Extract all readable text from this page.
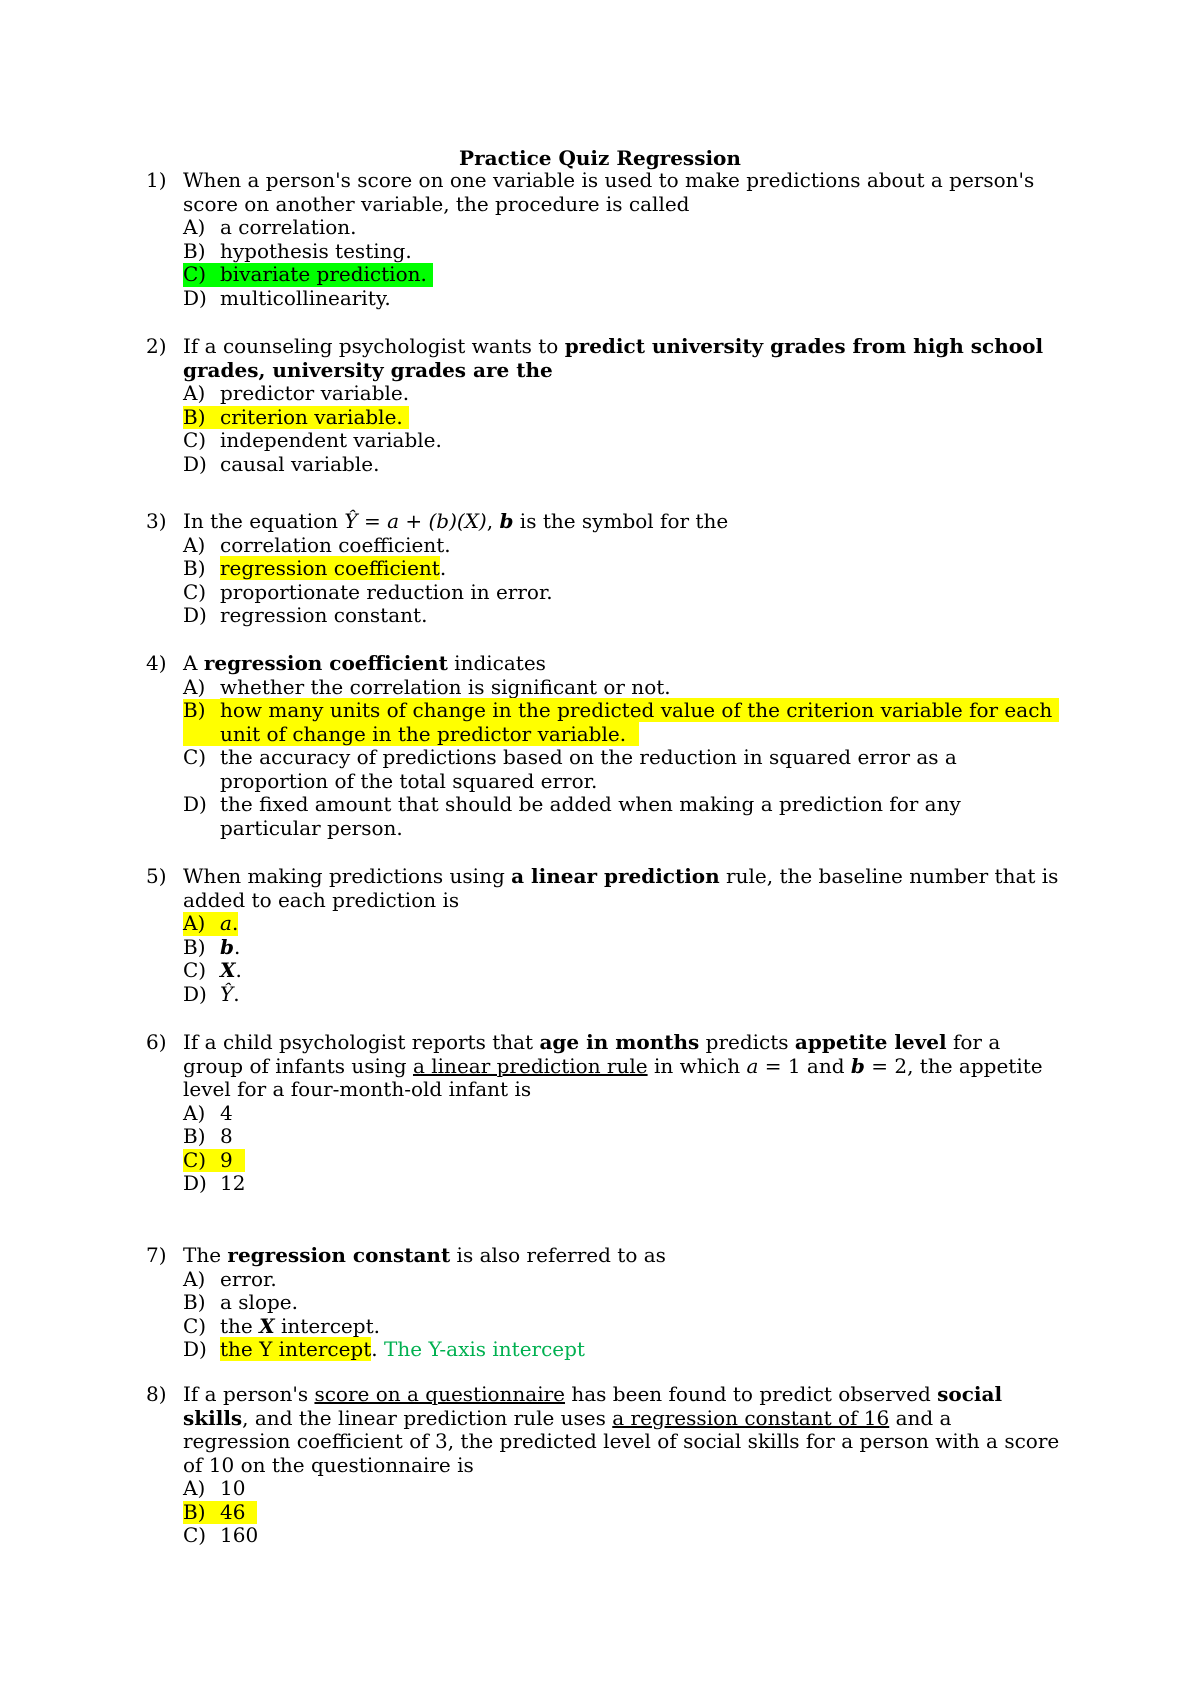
Practice Quiz Regression
1) When a person's score on one variable is used to make predictions about a person's score on another variable, the procedure is called
A) a correlation.
B) hypothesis testing.
C) bivariate prediction.
D) multicollinearity.
2) If a counseling psychologist wants to predict university grades from high school grades, university grades are the
A) predictor variable.
B) criterion variable.
C) independent variable.
D) causal variable.
3) In the equation Ŷ = a + (b)(X), b is the symbol for the
A) correlation coefficient.
B) regression coefficient.
C) proportionate reduction in error.
D) regression constant.
4) A regression coefficient indicates
A) whether the correlation is significant or not.
B) how many units of change in the predicted value of the criterion variable for each unit of change in the predictor variable.
C) the accuracy of predictions based on the reduction in squared error as a proportion of the total squared error.
D) the fixed amount that should be added when making a prediction for any particular person.
5) When making predictions using a linear prediction rule, the baseline number that is added to each prediction is
A) a.
B) b.
C) X.
D) Ŷ.
6) If a child psychologist reports that age in months predicts appetite level for a group of infants using a linear prediction rule in which a = 1 and b = 2, the appetite level for a four-month-old infant is
A) 4
B) 8
C) 9
D) 12
7) The regression constant is also referred to as
A) error.
B) a slope.
C) the X intercept.
D) the Y intercept. The Y-axis intercept
8) If a person's score on a questionnaire has been found to predict observed social skills, and the linear prediction rule uses a regression constant of 16 and a regression coefficient of 3, the predicted level of social skills for a person with a score of 10 on the questionnaire is
A) 10
B) 46
C) 160
